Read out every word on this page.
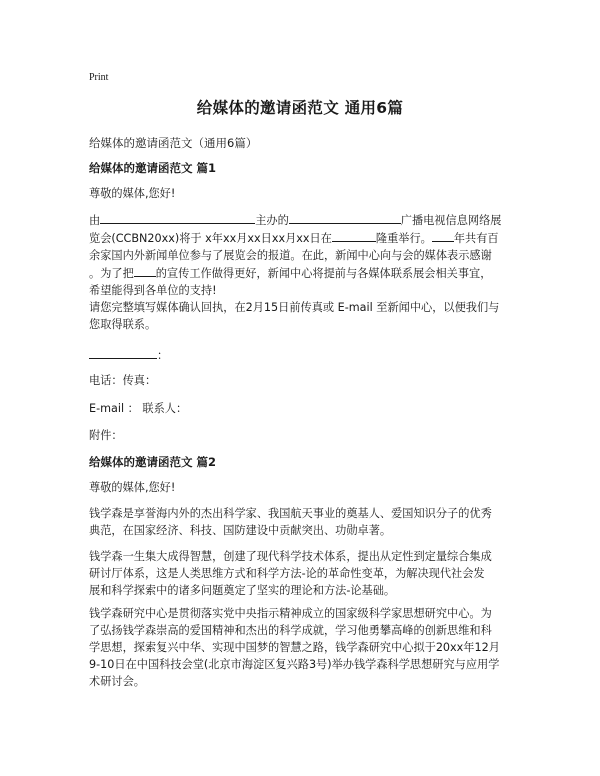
Print
给媒体的邀请函范文 通用6篇
给媒体的邀请函范文（通用6篇）
给媒体的邀请函范文 篇1
尊敬的媒体,您好!
由	主办的	广播电视信息网络展
览会(CCBN20xx)将于 x年xx月xx日xx月xx日在	隆重举行。 年共有百
余家国内外新闻单位参与了展览会的报道。在此，新闻中心向与会的媒体表示感谢
。为了把 的宣传工作做得更好，新闻中心将提前与各媒体联系展会相关事宜，
希望能得到各单位的支持!
请您完整填写媒体确认回执，在2月15日前传真或 E-mail 至新闻中心，以便我们与
您取得联系。
：
电话：传真：
E-mail ： 联系人：
附件：
给媒体的邀请函范文 篇2
尊敬的媒体,您好!
钱学森是享誉海内外的杰出科学家、我国航天事业的奠基人、爱国知识分子的优秀
典范，在国家经济、科技、国防建设中贡献突出、功勋卓著。
钱学森一生集大成得智慧，创建了现代科学技术体系，提出从定性到定量综合集成
研讨厅体系，这是人类思维方式和科学方法-论的革命性变革，为解决现代社会发
展和科学探索中的诸多问题奠定了坚实的理论和方法-论基础。
钱学森研究中心是贯彻落实党中央指示精神成立的国家级科学家思想研究中心。为
了弘扬钱学森崇高的爱国精神和杰出的科学成就，学习他勇攀高峰的创新思维和科
学思想，探索复兴中华、实现中国梦的智慧之路，钱学森研究中心拟于20xx年12月
9-10日在中国科技会堂(北京市海淀区复兴路3号)举办钱学森科学思想研究与应用学
术研讨会。
